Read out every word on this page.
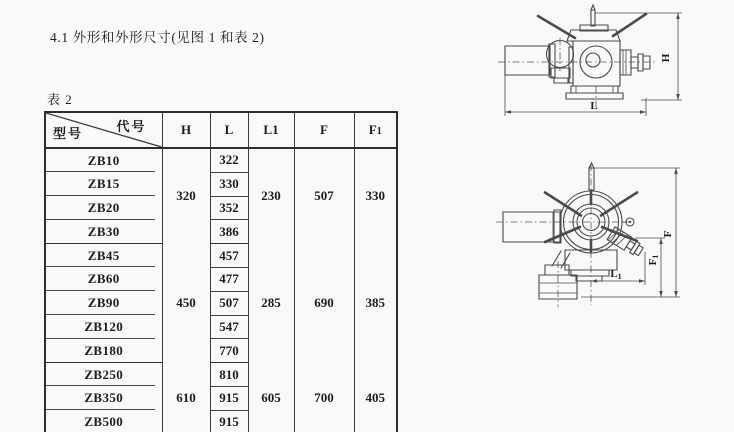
4.1 外形和外形尺寸(见图 1 和表 2)
表 2
代号
型号	H	L	L1	F	F1
ZB10	320	322	230	507	330
ZB15		330			
ZB20		352			
ZB30		386			
ZB45	450	457	285	690	385
ZB60		477			
ZB90		507			
ZB120		547			
ZB180		770			
ZB250	610	810	605	700	405
ZB350		915			
ZB500		915			
H
L
L1
F1
F
